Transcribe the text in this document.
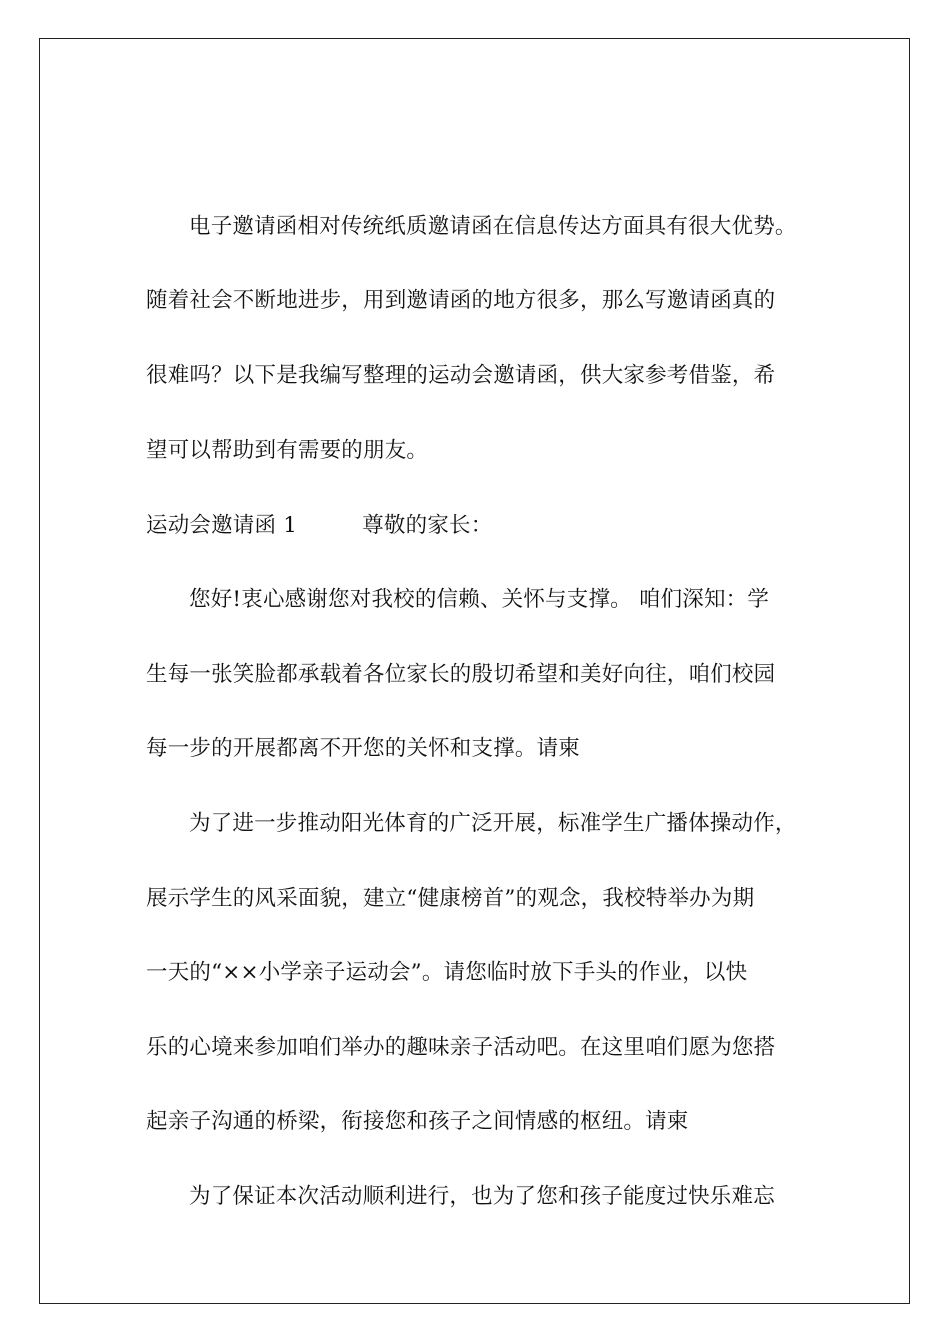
电子邀请函相对传统纸质邀请函在信息传达方面具有很大优势。
随着社会不断地进步，用到邀请函的地方很多，那么写邀请函真的
很难吗？以下是我编写整理的运动会邀请函，供大家参考借鉴，希
望可以帮助到有需要的朋友。
运动会邀请函 1　　　尊敬的家长：
您好!衷心感谢您对我校的信赖、关怀与支撑。 咱们深知：学
生每一张笑脸都承载着各位家长的殷切希望和美好向往，咱们校园
每一步的开展都离不开您的关怀和支撑。请柬
为了进一步推动阳光体育的广泛开展，标准学生广播体操动作，
展示学生的风采面貌，建立“健康榜首”的观念，我校特举办为期
一天的“××小学亲子运动会”。请您临时放下手头的作业，以快
乐的心境来参加咱们举办的趣味亲子活动吧。在这里咱们愿为您搭
起亲子沟通的桥梁，衔接您和孩子之间情感的枢纽。请柬
为了保证本次活动顺利进行，也为了您和孩子能度过快乐难忘
